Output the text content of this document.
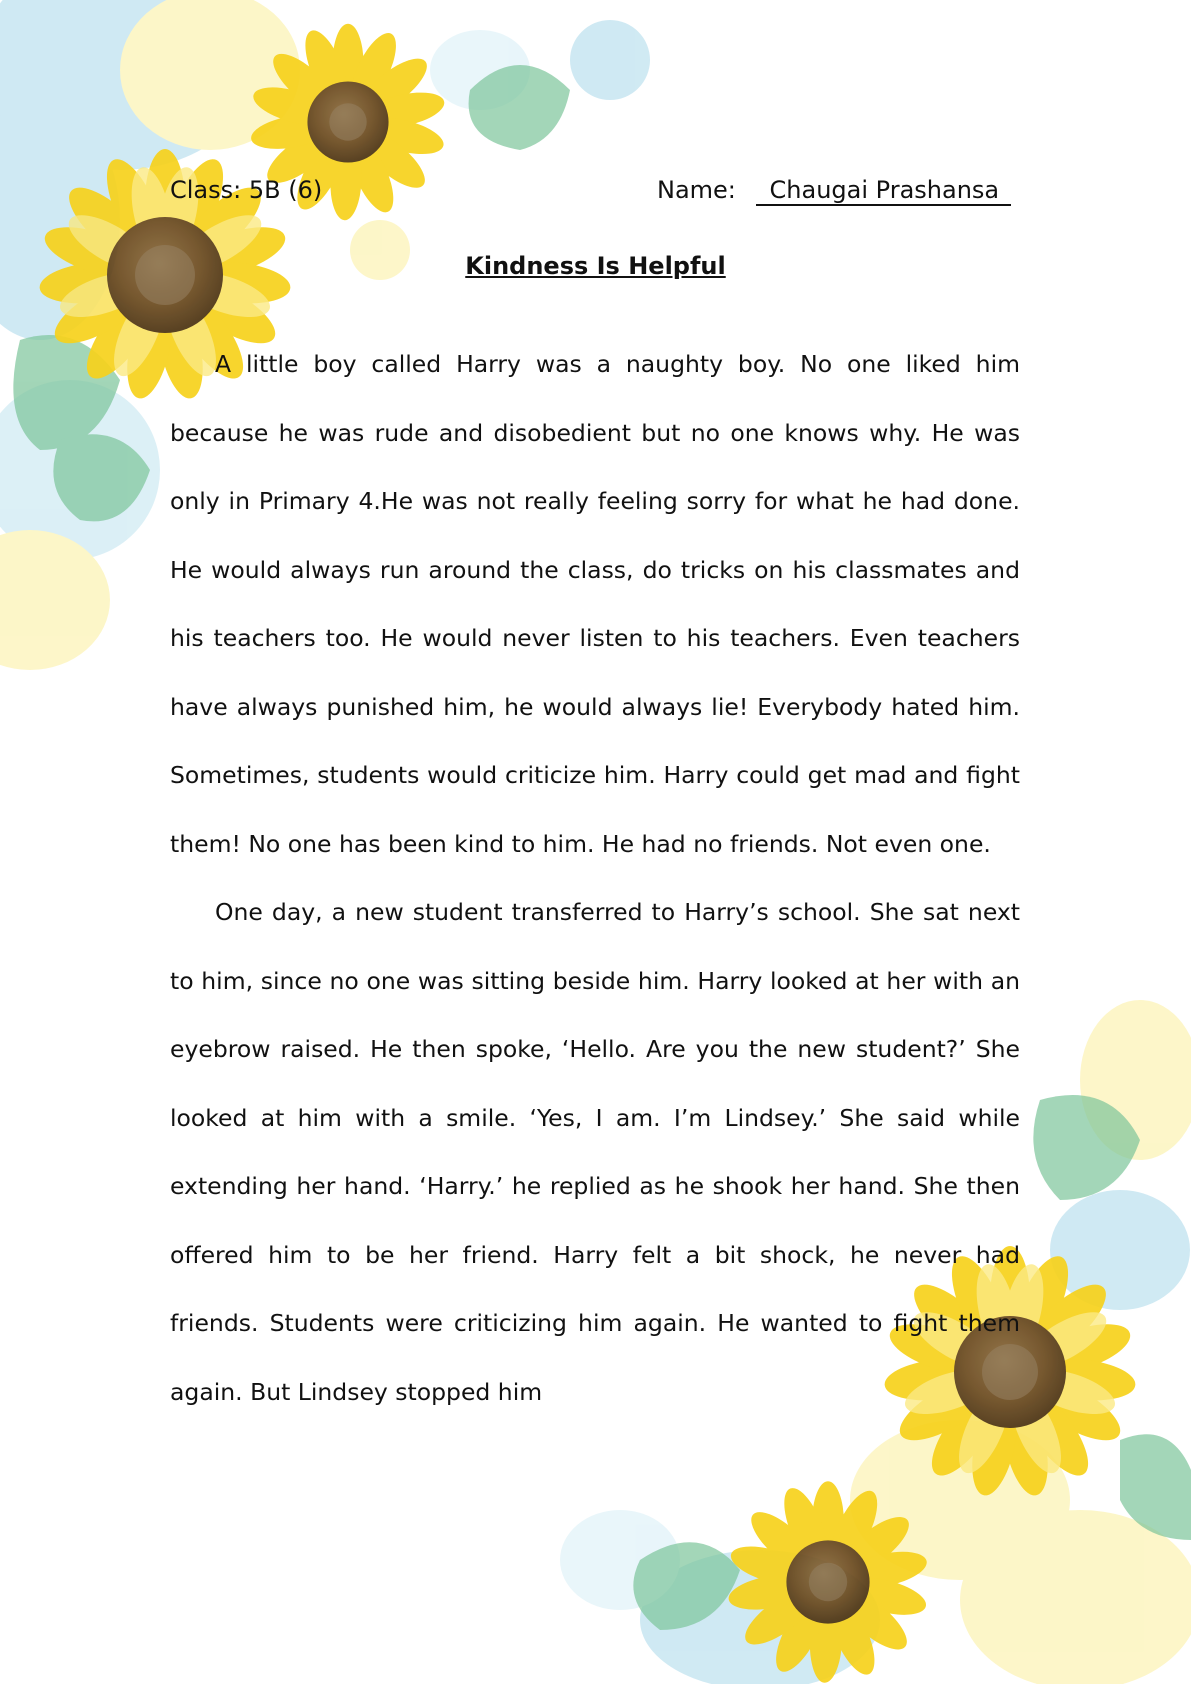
Class: 5B (6)	Name: Chaugai Prashansa
Kindness Is Helpful

A little boy called Harry was a naughty boy. No one liked him because he was rude and disobedient but no one knows why. He was only in Primary 4.He was not really feeling sorry for what he had done. He would always run around the class, do tricks on his classmates and his teachers too. He would never listen to his teachers. Even teachers have always punished him, he would always lie! Everybody hated him. Sometimes, students would criticize him. Harry could get mad and fight them! No one has been kind to him. He had no friends. Not even one.

One day, a new student transferred to Harry’s school. She sat next to him, since no one was sitting beside him. Harry looked at her with an eyebrow raised. He then spoke, ‘Hello. Are you the new student?’ She looked at him with a smile. ‘Yes, I am. I’m Lindsey.’ She said while extending her hand. ‘Harry.’ he replied as he shook her hand. She then offered him to be her friend. Harry felt a bit shock, he never had friends. Students were criticizing him again. He wanted to fight them again. But Lindsey stopped him
